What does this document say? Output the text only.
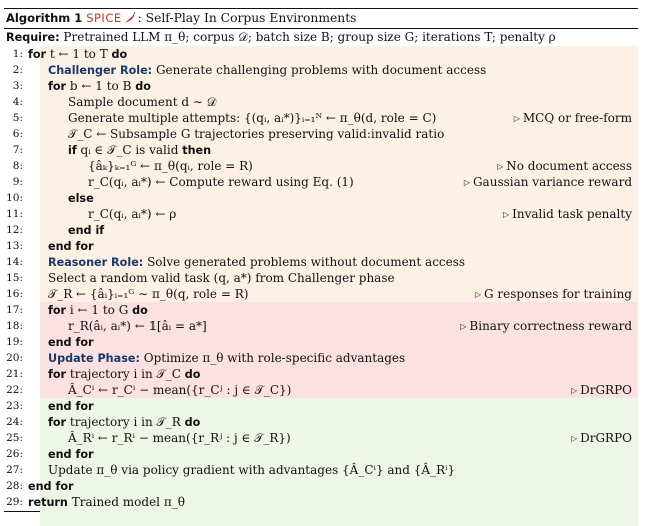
Algorithm 1 SPICE : Self-Play In Corpus Environments
Require: Pretrained LLM π_θ; corpus 𝒟; batch size B; group size G; iterations T; penalty ρ
1: for t ← 1 to T do
2: Challenger Role: Generate challenging problems with document access
3: for b ← 1 to B do
4:	Sample document d ∼ 𝒟
5:	Generate multiple attempts: {(qᵢ, aᵢ*)}ᵢ₌₁ᴺ ← π_θ(d, role = C)	▷ MCQ or free-form
6:	𝒯_C ← Subsample G trajectories preserving valid:invalid ratio
7:	if qᵢ ∈ 𝒯_C is valid then
8:	{âₖ}ₖ₌₁ᴳ ← π_θ(qᵢ, role = R)	▷ No document access
9:	r_C(qᵢ, aᵢ*) ← Compute reward using Eq. (1)	▷ Gaussian variance reward
10:	else
11:	r_C(qᵢ, aᵢ*) ← ρ	▷ Invalid task penalty
12:	end if
13: end for
14: Reasoner Role: Solve generated problems without document access
15: Select a random valid task (q, a*) from Challenger phase
16: 𝒯_R ← {âᵢ}ᵢ₌₁ᴳ ∼ π_θ(q, role = R)	▷ G responses for training
17: for i ← 1 to G do
18:	r_R(âᵢ, aᵢ*) ← 𝟙[âᵢ = a*]	▷ Binary correctness reward
19: end for
20: Update Phase: Optimize π_θ with role-specific advantages
21: for trajectory i in 𝒯_C do
22:	Â_Cⁱ ← r_Cⁱ − mean({r_Cʲ : j ∈ 𝒯_C})	▷ DrGRPO
23: end for
24: for trajectory i in 𝒯_R do
25:	Â_Rⁱ ← r_Rⁱ − mean({r_Rʲ : j ∈ 𝒯_R})	▷ DrGRPO
26: end for
27: Update π_θ via policy gradient with advantages {Â_Cⁱ} and {Â_Rⁱ}
28: end for
29: return Trained model π_θ
